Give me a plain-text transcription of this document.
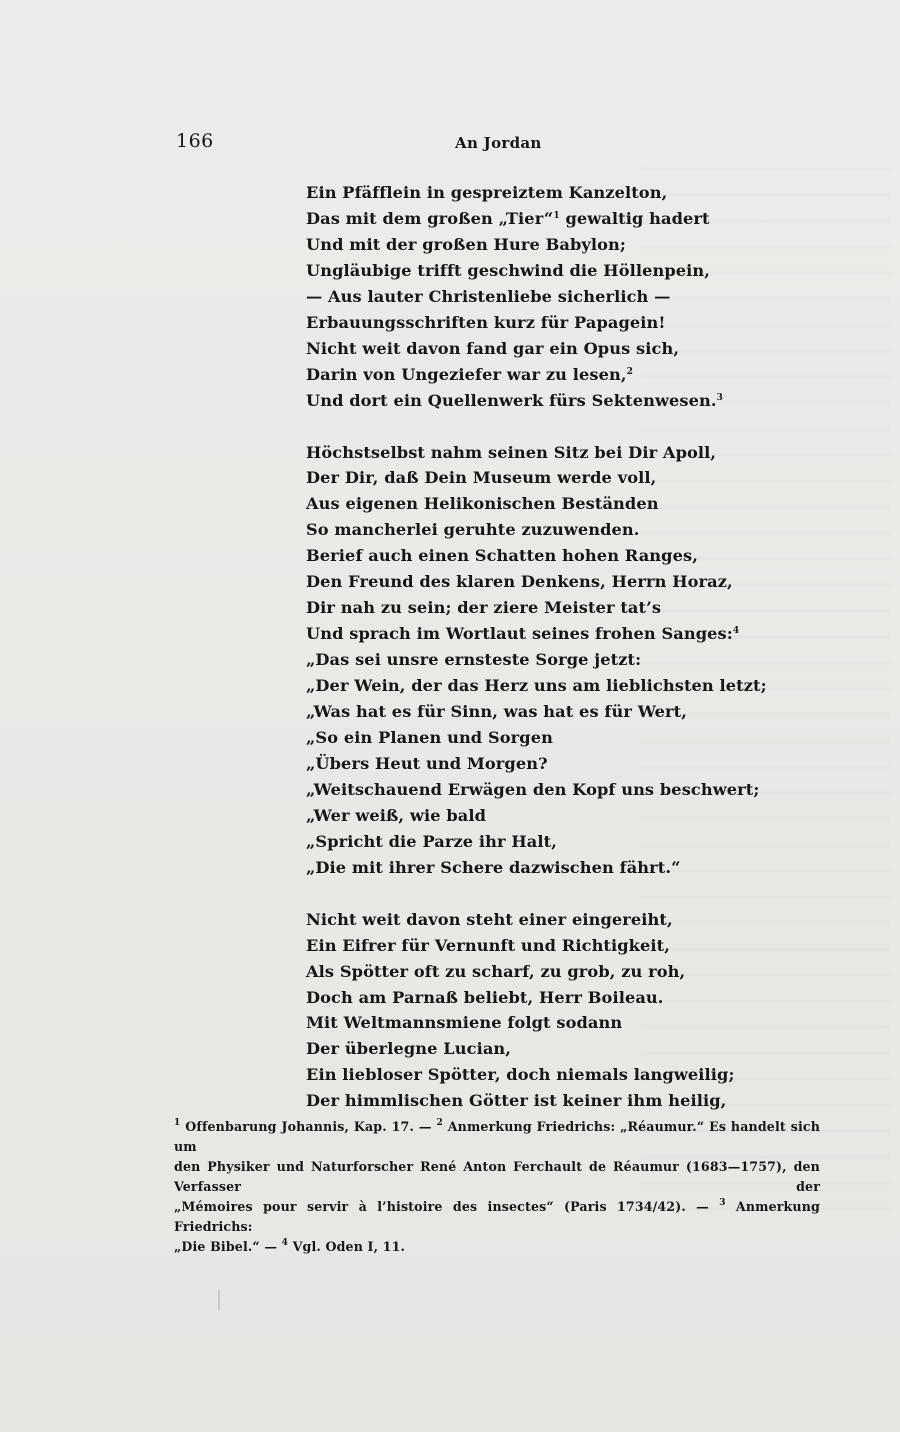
166	An Jordan
Ein Pfäfflein in gespreiztem Kanzelton,
Das mit dem großen „Tier“$^1$ gewaltig hadert
Und mit der großen Hure Babylon;
Ungläubige trifft geschwind die Höllenpein,
— Aus lauter Christenliebe sicherlich —
Erbauungsschriften kurz für Papagein!
Nicht weit davon fand gar ein Opus sich,
Darin von Ungeziefer war zu lesen,$^2$
Und dort ein Quellenwerk fürs Sektenwesen.$^3$
Höchstselbst nahm seinen Sitz bei Dir Apoll,
Der Dir, daß Dein Museum werde voll,
Aus eigenen Helikonischen Beständen
So mancherlei geruhte zuzuwenden.
Berief auch einen Schatten hohen Ranges,
Den Freund des klaren Denkens, Herrn Horaz,
Dir nah zu sein; der ziere Meister tat’s
Und sprach im Wortlaut seines frohen Sanges:$^4$
„Das sei unsre ernsteste Sorge jetzt:
„Der Wein, der das Herz uns am lieblichsten letzt;
„Was hat es für Sinn, was hat es für Wert,
„So ein Planen und Sorgen
„Übers Heut und Morgen?
„Weitschauend Erwägen den Kopf uns beschwert;
„Wer weiß, wie bald
„Spricht die Parze ihr Halt,
„Die mit ihrer Schere dazwischen fährt.“
Nicht weit davon steht einer eingereiht,
Ein Eifrer für Vernunft und Richtigkeit,
Als Spötter oft zu scharf, zu grob, zu roh,
Doch am Parnaß beliebt, Herr Boileau.
Mit Weltmannsmiene folgt sodann
Der überlegne Lucian,
Ein liebloser Spötter, doch niemals langweilig;
Der himmlischen Götter ist keiner ihm heilig,
$^1$ Offenbarung Johannis, Kap. 17. — $^2$ Anmerkung Friedrichs: „Réaumur.“ Es handelt sich um
den Physiker und Naturforscher René Anton Ferchault de Réaumur (1683—1757), den Verfasser der
„Mémoires pour servir à l’histoire des insectes“ (Paris 1734/42). — $^3$ Anmerkung Friedrichs:
„Die Bibel.“ — $^4$ Vgl. Oden I, 11.
